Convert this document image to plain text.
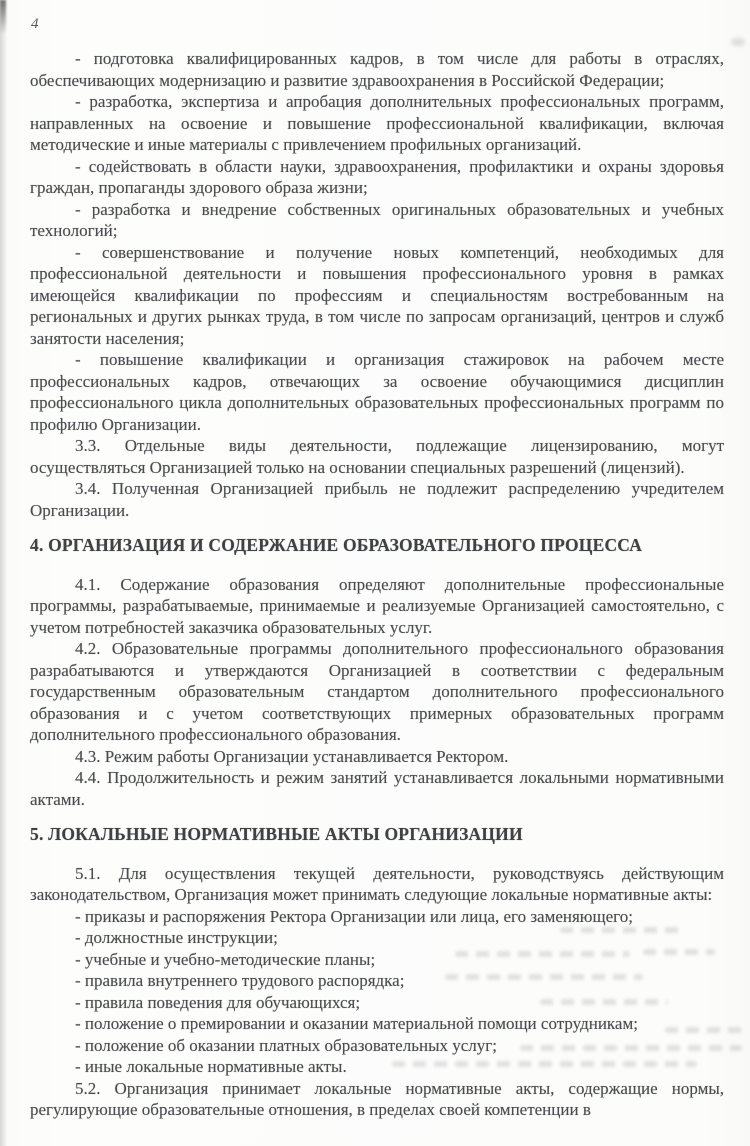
4

- подготовка квалифицированных кадров, в том числе для работы в отраслях, обеспечивающих модернизацию и развитие здравоохранения в Российской Федерации;

- разработка, экспертиза и апробация дополнительных профессиональных программ, направленных на освоение и повышение профессиональной квалификации, включая методические и иные материалы с привлечением профильных организаций.

- содействовать в области науки, здравоохранения, профилактики и охраны здоровья граждан, пропаганды здорового образа жизни;

- разработка и внедрение собственных оригинальных образовательных и учебных технологий;

- совершенствование и получение новых компетенций, необходимых для профессиональной деятельности и повышения профессионального уровня в рамках имеющейся квалификации по профессиям и специальностям востребованным на региональных и других рынках труда, в том числе по запросам организаций, центров и служб занятости населения;

- повышение квалификации и организация стажировок на рабочем месте профессиональных кадров, отвечающих за освоение обучающимися дисциплин профессионального цикла дополнительных образовательных профессиональных программ по профилю Организации.

3.3. Отдельные виды деятельности, подлежащие лицензированию, могут осуществляться Организацией только на основании специальных разрешений (лицензий).

3.4. Полученная Организацией прибыль не подлежит распределению учредителем Организации.

4. ОРГАНИЗАЦИЯ И СОДЕРЖАНИЕ ОБРАЗОВАТЕЛЬНОГО ПРОЦЕССА

4.1. Содержание образования определяют дополнительные профессиональные программы, разрабатываемые, принимаемые и реализуемые Организацией самостоятельно, с учетом потребностей заказчика образовательных услуг.

4.2. Образовательные программы дополнительного профессионального образования разрабатываются и утверждаются Организацией в соответствии с федеральным государственным образовательным стандартом дополнительного профессионального образования и с учетом соответствующих примерных образовательных программ дополнительного профессионального образования.

4.3. Режим работы Организации устанавливается Ректором.

4.4. Продолжительность и режим занятий устанавливается локальными нормативными актами.

5. ЛОКАЛЬНЫЕ НОРМАТИВНЫЕ АКТЫ ОРГАНИЗАЦИИ

5.1. Для осуществления текущей деятельности, руководствуясь действующим законодательством, Организация может принимать следующие локальные нормативные акты:

- приказы и распоряжения Ректора Организации или лица, его заменяющего;

- должностные инструкции;

- учебные и учебно-методические планы;

- правила внутреннего трудового распорядка;

- правила поведения для обучающихся;

- положение о премировании и оказании материальной помощи сотрудникам;

- положение об оказании платных образовательных услуг;

- иные локальные нормативные акты.

5.2. Организация принимает локальные нормативные акты, содержащие нормы, регулирующие образовательные отношения, в пределах своей компетенции в
